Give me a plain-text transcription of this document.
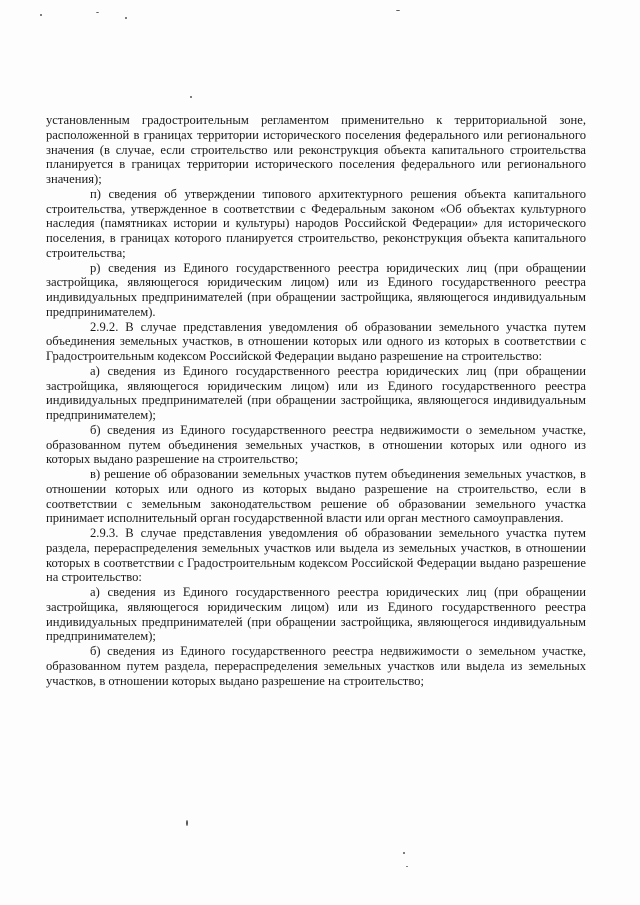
установленным градостроительным регламентом применительно к территориальной зоне, расположенной в границах территории исторического поселения федерального или регионального значения (в случае, если строительство или реконструкция объекта капитального строительства планируется в границах территории исторического поселения федерального или регионального значения);

п) сведения об утверждении типового архитектурного решения объекта капитального строительства, утвержденное в соответствии с Федеральным законом «Об объектах культурного наследия (памятниках истории и культуры) народов Российской Федерации» для исторического поселения, в границах которого планируется строительство, реконструкция объекта капитального строительства;

р) сведения из Единого государственного реестра юридических лиц (при обращении застройщика, являющегося юридическим лицом) или из Единого государственного реестра индивидуальных предпринимателей (при обращении застройщика, являющегося индивидуальным предпринимателем).

2.9.2. В случае представления уведомления об образовании земельного участка путем объединения земельных участков, в отношении которых или одного из которых в соответствии с Градостроительным кодексом Российской Федерации выдано разрешение на строительство:

а) сведения из Единого государственного реестра юридических лиц (при обращении застройщика, являющегося юридическим лицом) или из Единого государственного реестра индивидуальных предпринимателей (при обращении застройщика, являющегося индивидуальным предпринимателем);

б) сведения из Единого государственного реестра недвижимости о земельном участке, образованном путем объединения земельных участков, в отношении которых или одного из которых выдано разрешение на строительство;

в) решение об образовании земельных участков путем объединения земельных участков, в отношении которых или одного из которых выдано разрешение на строительство, если в соответствии с земельным законодательством решение об образовании земельного участка принимает исполнительный орган государственной власти или орган местного самоуправления.

2.9.3. В случае представления уведомления об образовании земельного участка путем раздела, перераспределения земельных участков или выдела из земельных участков, в отношении которых в соответствии с Градостроительным кодексом Российской Федерации выдано разрешение на строительство:

а) сведения из Единого государственного реестра юридических лиц (при обращении застройщика, являющегося юридическим лицом) или из Единого государственного реестра индивидуальных предпринимателей (при обращении застройщика, являющегося индивидуальным предпринимателем);

б) сведения из Единого государственного реестра недвижимости о земельном участке, образованном путем раздела, перераспределения земельных участков или выдела из земельных участков, в отношении которых выдано разрешение на строительство;
